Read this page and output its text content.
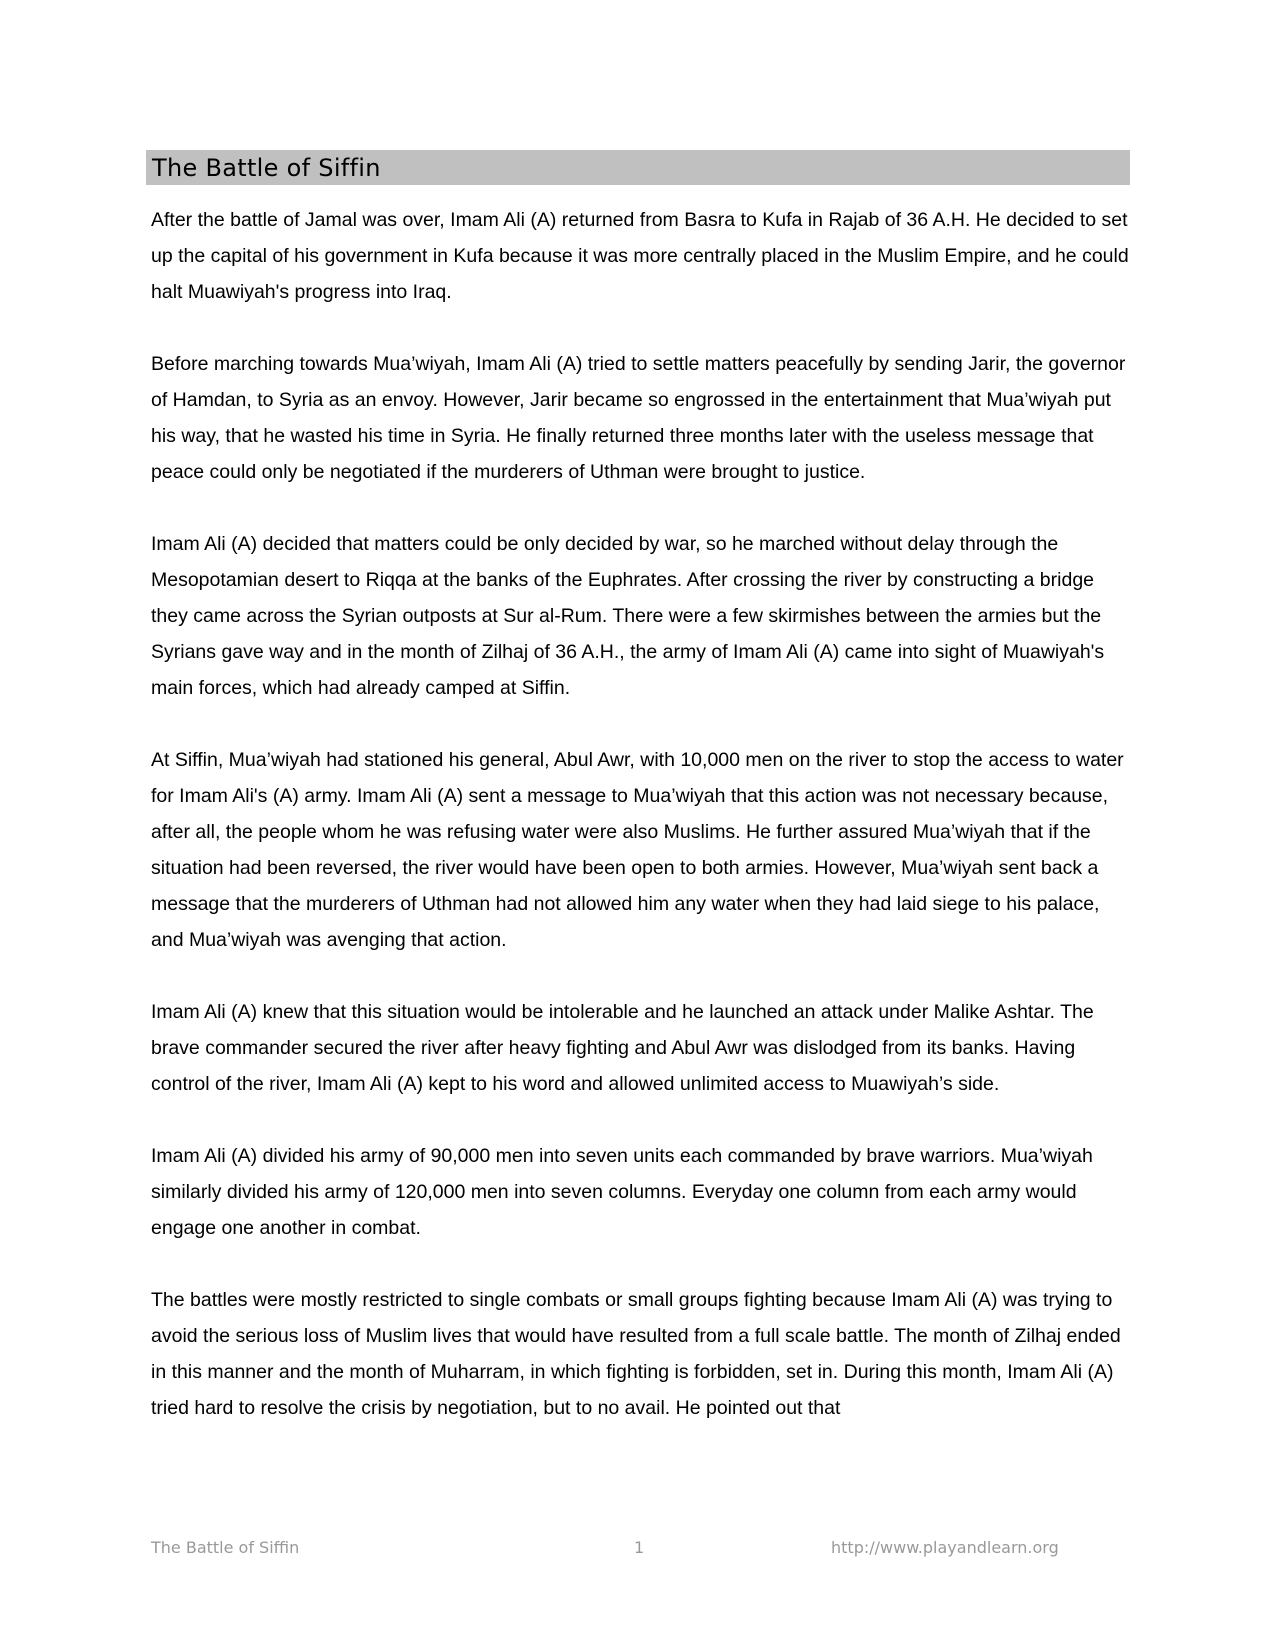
The Battle of Siffin

After the battle of Jamal was over, Imam Ali (A) returned from Basra to Kufa in Rajab of 36 A.H. He decided to set up the capital of his government in Kufa because it was more centrally placed in the Muslim Empire, and he could halt Muawiyah's progress into Iraq.

Before marching towards Mua’wiyah, Imam Ali (A) tried to settle matters peacefully by sending Jarir, the governor of Hamdan, to Syria as an envoy. However, Jarir became so engrossed in the entertainment that Mua’wiyah put his way, that he wasted his time in Syria. He finally returned three months later with the useless message that peace could only be negotiated if the murderers of Uthman were brought to justice.

Imam Ali (A) decided that matters could be only decided by war, so he marched without delay through the Mesopotamian desert to Riqqa at the banks of the Euphrates. After crossing the river by constructing a bridge they came across the Syrian outposts at Sur al-Rum. There were a few skirmishes between the armies but the Syrians gave way and in the month of Zilhaj of 36 A.H., the army of Imam Ali (A) came into sight of Muawiyah's main forces, which had already camped at Siffin.

At Siffin, Mua’wiyah had stationed his general, Abul Awr, with 10,000 men on the river to stop the access to water for Imam Ali's (A) army. Imam Ali (A) sent a message to Mua’wiyah that this action was not necessary because, after all, the people whom he was refusing water were also Muslims. He further assured Mua’wiyah that if the situation had been reversed, the river would have been open to both armies. However, Mua’wiyah sent back a message that the murderers of Uthman had not allowed him any water when they had laid siege to his palace, and Mua’wiyah was avenging that action.

Imam Ali (A) knew that this situation would be intolerable and he launched an attack under Malike Ashtar. The brave commander secured the river after heavy fighting and Abul Awr was dislodged from its banks. Having control of the river, Imam Ali (A) kept to his word and allowed unlimited access to Muawiyah’s side.

Imam Ali (A) divided his army of 90,000 men into seven units each commanded by brave warriors. Mua’wiyah similarly divided his army of 120,000 men into seven columns. Everyday one column from each army would engage one another in combat.

The battles were mostly restricted to single combats or small groups fighting because Imam Ali (A) was trying to avoid the serious loss of Muslim lives that would have resulted from a full scale battle. The month of Zilhaj ended in this manner and the month of Muharram, in which fighting is forbidden, set in. During this month, Imam Ali (A) tried hard to resolve the crisis by negotiation, but to no avail. He pointed out that

The Battle of Siffin	1	http://www.playandlearn.org
